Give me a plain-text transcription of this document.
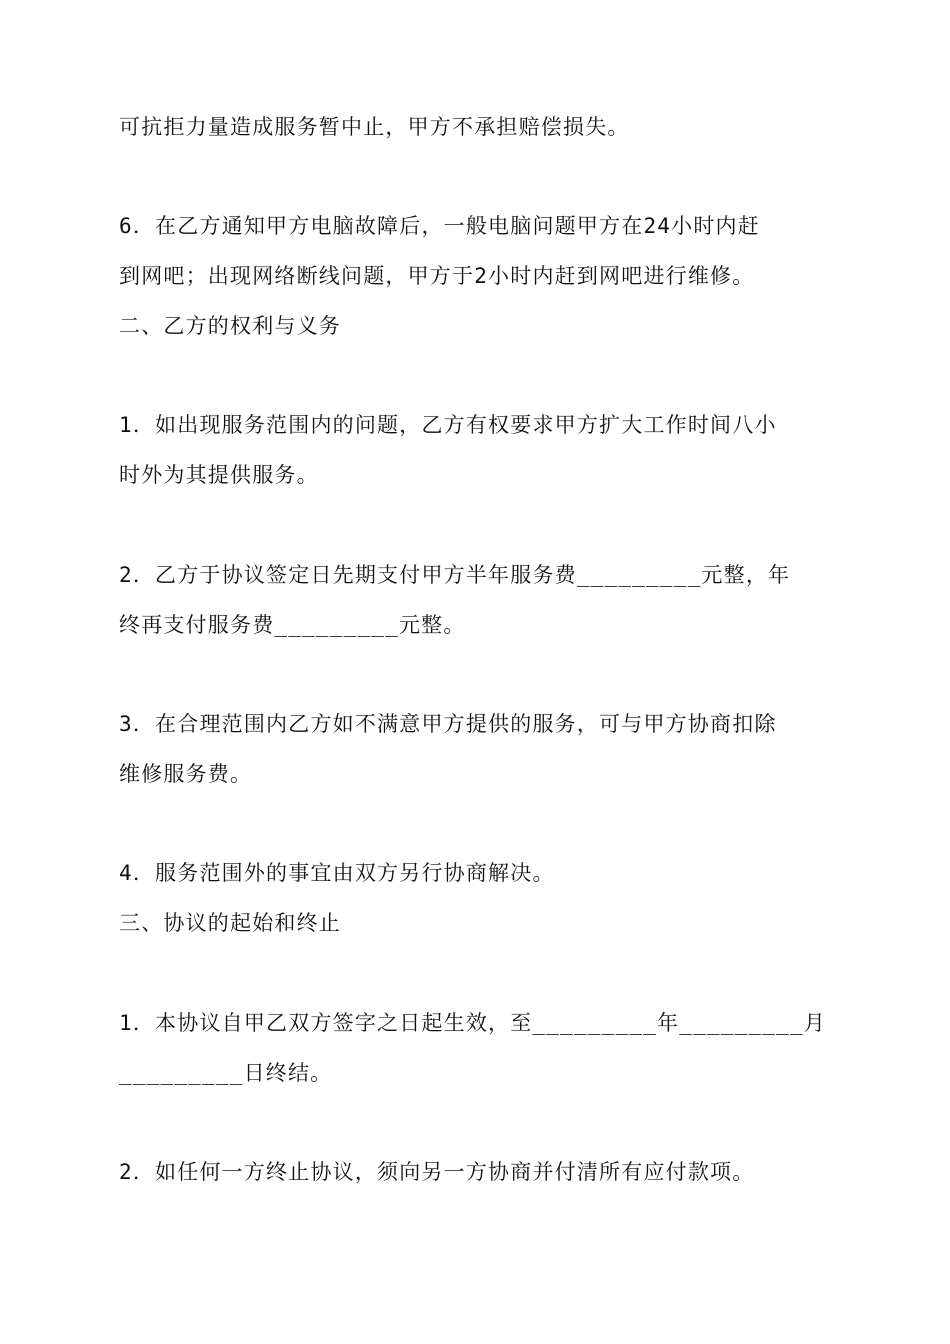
可抗拒力量造成服务暂中止，甲方不承担赔偿损失。
6．在乙方通知甲方电脑故障后，一般电脑问题甲方在24小时内赶
到网吧；出现网络断线问题，甲方于2小时内赶到网吧进行维修。
二、乙方的权利与义务
1．如出现服务范围内的问题，乙方有权要求甲方扩大工作时间八小
时外为其提供服务。
2．乙方于协议签定日先期支付甲方半年服务费_________元整，年
终再支付服务费_________元整。
3．在合理范围内乙方如不满意甲方提供的服务，可与甲方协商扣除
维修服务费。
4．服务范围外的事宜由双方另行协商解决。
三、协议的起始和终止
1．本协议自甲乙双方签字之日起生效，至_________年_________月
_________日终结。
2．如任何一方终止协议，须向另一方协商并付清所有应付款项。
